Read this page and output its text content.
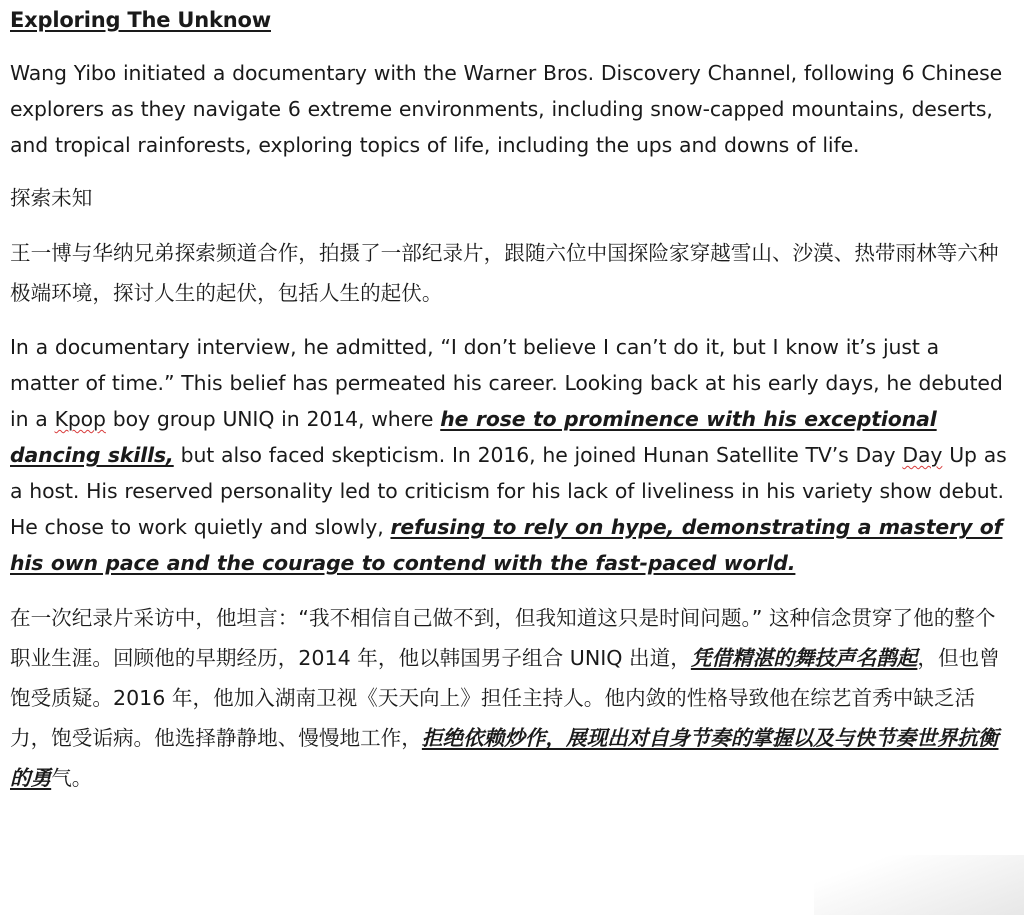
Exploring The Unknow

Wang Yibo initiated a documentary with the Warner Bros. Discovery Channel, following 6 Chinese explorers as they navigate 6 extreme environments, including snow-capped mountains, deserts, and tropical rainforests, exploring topics of life, including the ups and downs of life.

探索未知

王一博与华纳兄弟探索频道合作，拍摄了一部纪录片，跟随六位中国探险家穿越雪山、沙漠、热带雨林等六种极端环境，探讨人生的起伏，包括人生的起伏。

In a documentary interview, he admitted, “I don’t believe I can’t do it, but I know it’s just a matter of time.” This belief has permeated his career. Looking back at his early days, he debuted in a Kpop boy group UNIQ in 2014, where he rose to prominence with his exceptional dancing skills, but also faced skepticism. In 2016, he joined Hunan Satellite TV’s Day Day Up as a host. His reserved personality led to criticism for his lack of liveliness in his variety show debut. He chose to work quietly and slowly, refusing to rely on hype, demonstrating a mastery of his own pace and the courage to contend with the fast-paced world.

在一次纪录片采访中，他坦言：“我不相信自己做不到，但我知道这只是时间问题。” 这种信念贯穿了他的整个职业生涯。回顾他的早期经历，2014 年，他以韩国男子组合 UNIQ 出道，凭借精湛的舞技声名鹊起，但也曾饱受质疑。2016 年，他加入湖南卫视《天天向上》担任主持人。他内敛的性格导致他在综艺首秀中缺乏活力，饱受诟病。他选择静静地、慢慢地工作，拒绝依赖炒作，展现出对自身节奏的掌握以及与快节奏世界抗衡的勇气。
